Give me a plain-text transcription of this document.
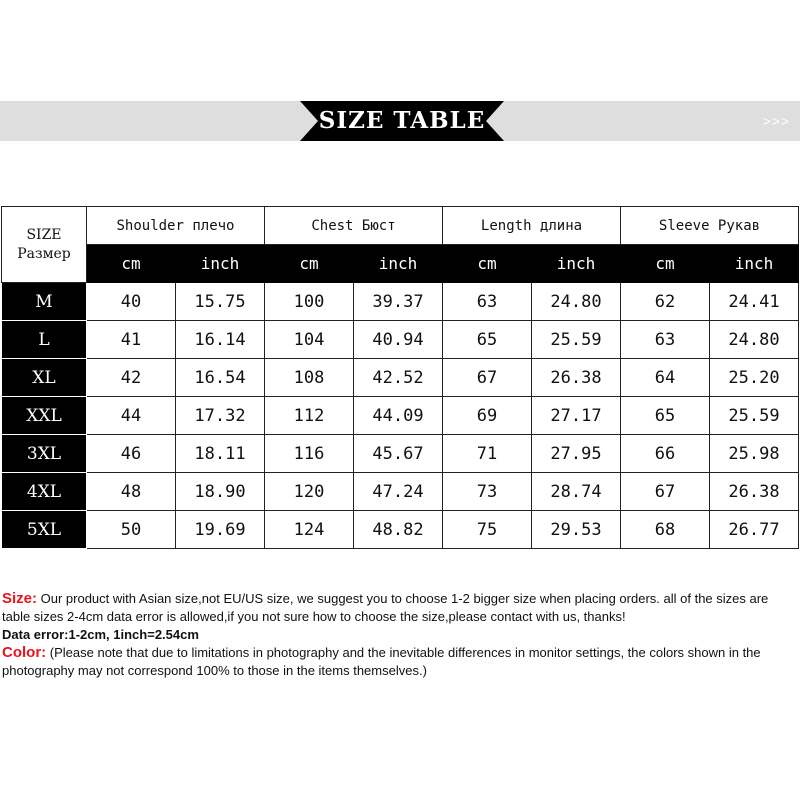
>>>
SIZE TABLE
SIZE
Размер	Shoulder плечо		Chest Бюст		Length длина		Sleeve Рукав	
	cm	inch	cm	inch	cm	inch	cm	inch
M	40	15.75	100	39.37	63	24.80	62	24.41
L	41	16.14	104	40.94	65	25.59	63	24.80
XL	42	16.54	108	42.52	67	26.38	64	25.20
XXL	44	17.32	112	44.09	69	27.17	65	25.59
3XL	46	18.11	116	45.67	71	27.95	66	25.98
4XL	48	18.90	120	47.24	73	28.74	67	26.38
5XL	50	19.69	124	48.82	75	29.53	68	26.77

Size: Our product with Asian size,not EU/US size, we suggest you to choose 1-2 bigger size when placing orders. all of the sizes are table sizes 2-4cm data error is allowed,if you not sure how to choose the size,please contact with us, thanks!

Data error:1-2cm, 1inch=2.54cm

Color: (Please note that due to limitations in photography and the inevitable differences in monitor settings, the colors shown in the photography may not correspond 100% to those in the items themselves.)
